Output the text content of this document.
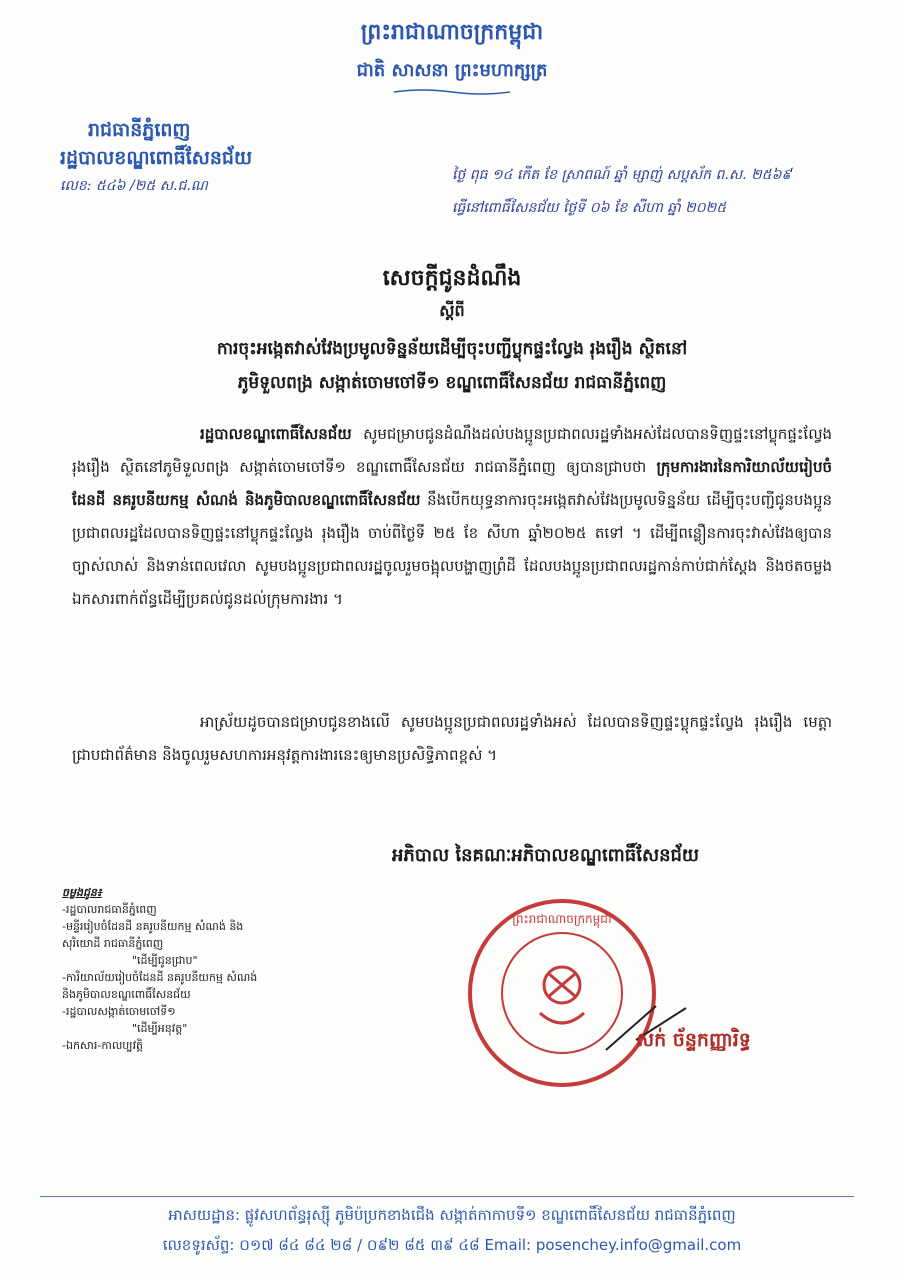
ព្រះរាជាណាចក្រកម្ពុជា
ជាតិ សាសនា ព្រះមហាក្សត្រ
រាជធានីភ្នំពេញ
រដ្ឋបាលខណ្ឌពោធិ៍សែនជ័យ
លេខ: ៥៤៦ /២៥ ស.ជ.ណ
ថ្ងៃ ពុធ ១៤ កើត ខែ ស្រាពណ៍ ឆ្នាំ ម្សាញ់ សប្តស័ក ព.ស. ២៥៦៩
ធ្វើនៅពោធិ៍សែនជ័យ ថ្ងៃទី ០៦ ខែ សីហា ឆ្នាំ ២០២៥
សេចក្តីជូនដំណឹង
ស្តីពី
ការចុះអង្កេតវាស់វែងប្រមូលទិន្នន័យដើម្បីចុះបញ្ជីប្លុកផ្ទះល្វែង រុងរឿង ស្ថិតនៅ
ភូមិទួលពង្រ សង្កាត់ចោមចៅទី១ ខណ្ឌពោធិ៍សែនជ័យ រាជធានីភ្នំពេញ
រដ្ឋបាលខណ្ឌពោធិ៍សែនជ័យ សូមជម្រាបជូនដំណឹងដល់បងប្អូនប្រជាពលរដ្ឋទាំងអស់ដែលបានទិញផ្ទះនៅប្លុកផ្ទះល្វែង រុងរឿង ស្ថិតនៅភូមិទួលពង្រ សង្កាត់ចោមចៅទី១ ខណ្ឌពោធិ៍សែនជ័យ រាជធានីភ្នំពេញ ឲ្យបានជ្រាបថា ក្រុមការងារនៃការិយាល័យរៀបចំដែនដី នគរូបនីយកម្ម សំណង់ និងភូមិបាលខណ្ឌពោធិ៍សែនជ័យ នឹងបើកយុទ្ធនាការចុះអង្កេតវាស់វែងប្រមូលទិន្នន័យ ដើម្បីចុះបញ្ជីជូនបងប្អូនប្រជាពលរដ្ឋដែលបានទិញផ្ទះនៅប្លុកផ្ទះល្វែង រុងរឿង ចាប់ពីថ្ងៃទី ២៥ ខែ សីហា ឆ្នាំ២០២៥ តទៅ ។ ដើម្បីពន្លឿនការចុះវាស់វែងឲ្យបានច្បាស់លាស់ និងទាន់ពេលវេលា សូមបងប្អូនប្រជាពលរដ្ឋចូលរួមចង្អុលបង្ហាញព្រំដី ដែលបងប្អូនប្រជាពលរដ្ឋកាន់កាប់ជាក់ស្តែង និងថតចម្លងឯកសារពាក់ព័ន្ធដើម្បីប្រគល់ជូនដល់ក្រុមការងារ ។
អាស្រ័យដូចបានជម្រាបជូនខាងលើ សូមបងប្អូនប្រជាពលរដ្ឋទាំងអស់ ដែលបានទិញផ្ទះប្លុកផ្ទះល្វែង រុងរឿង មេត្តាជ្រាបជាព័ត៌មាន និងចូលរួមសហការអនុវត្តការងារនេះឲ្យមានប្រសិទ្ធិភាពខ្ពស់ ។
អភិបាល នៃគណៈអភិបាលខណ្ឌពោធិ៍សែនជ័យ
ចម្លងជូន៖
-រដ្ឋបាលរាជធានីភ្នំពេញ
-មន្ទីររៀបចំដែនដី នគរូបនីយកម្ម សំណង់ និង
សុរិយោដី រាជធានីភ្នំពេញ
"ដើម្បីជូនជ្រាប"
-ការិយាល័យរៀបចំដែនដី នគរូបនីយកម្ម សំណង់
និងភូមិបាលខណ្ឌពោធិ៍សែនជ័យ
-រដ្ឋបាលសង្កាត់ចោមចៅទី១
"ដើម្បីអនុវត្ត"
-ឯកសារ-កាលប្បវត្តិ
ព្រះរាជាណាចក្រកម្ពុជា
សក់ ច័ន្ទកញ្ញារិទ្ធ
អាសយដ្ឋាន: ផ្លូវសហព័ន្ធរុស្ស៊ី ភូមិប៉ប្រកខាងជើង សង្កាត់កាកាបទី១ ខណ្ឌពោធិ៍សែនជ័យ រាជធានីភ្នំពេញ
លេខទូរស័ព្ទ: ០១៧ ៨៤ ៨៤ ២៨ / ០៩២ ៨៥ ៣៩ ៤៨ Email: posenchey.info@gmail.com
